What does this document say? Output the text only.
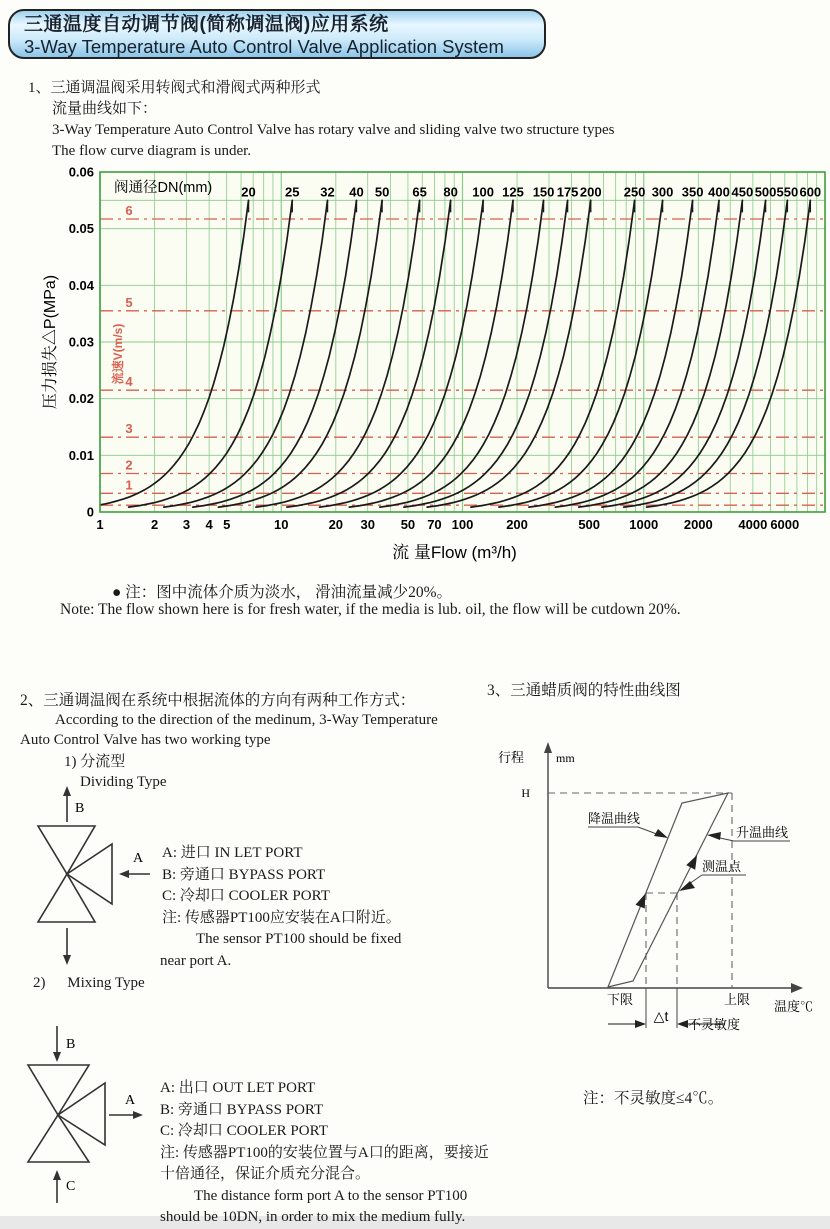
三通温度自动调节阀(简称调温阀)应用系统
3-Way Temperature Auto Control Valve Application System
1、三通调温阀采用转阀式和滑阀式两种形式
流量曲线如下：
3-Way Temperature Auto Control Valve has rotary valve and sliding valve two structure types
The flow curve diagram is under.
6
5
4
3
2
1
流速V(m/s)
20 25 32 40 50 65 80 100 125 150 175 200 250 300 350 400 450 500 550 600
阀通径DN(mm)
0
0.01
0.02
0.03
0.04
0.05
0.06
压力损失△P(MPa)
1	2 3 4 5	10	20 30 50 70 100	200	500 1000 2000 4000 6000
流 量Flow (m³/h)
● 注：图中流体介质为淡水， 滑油流量减少20%。
Note: The flow shown here is for fresh water, if the media is lub. oil, the flow will be cutdown 20%.
2、三通调温阀在系统中根据流体的方向有两种工作方式：
According to the direction of the medinum, 3-Way Temperature
Auto Control Valve has two working type
1) 分流型
Dividing Type
B
A A: 进口 IN LET PORT
B: 旁通口 BYPASS PORT
C: 冷却口 COOLER PORT
注: 传感器PT100应安装在A口附近。
The sensor PT100 should be fixed
near port A.
2) Mixing Type
B
A
C
A: 出口 OUT LET PORT
B: 旁通口 BYPASS PORT
C: 冷却口 COOLER PORT
注: 传感器PT100的安装位置与A口的距离，要接近
十倍通径，保证介质充分混合。
The distance form port A to the sensor PT100
should be 10DN, in order to mix the medium fully.
3、三通蜡质阀的特性曲线图
降温曲线
升温曲线
测温点
行程	mm
H
下限	上限 温度℃
△t
不灵敏度
注：不灵敏度≤4℃。
